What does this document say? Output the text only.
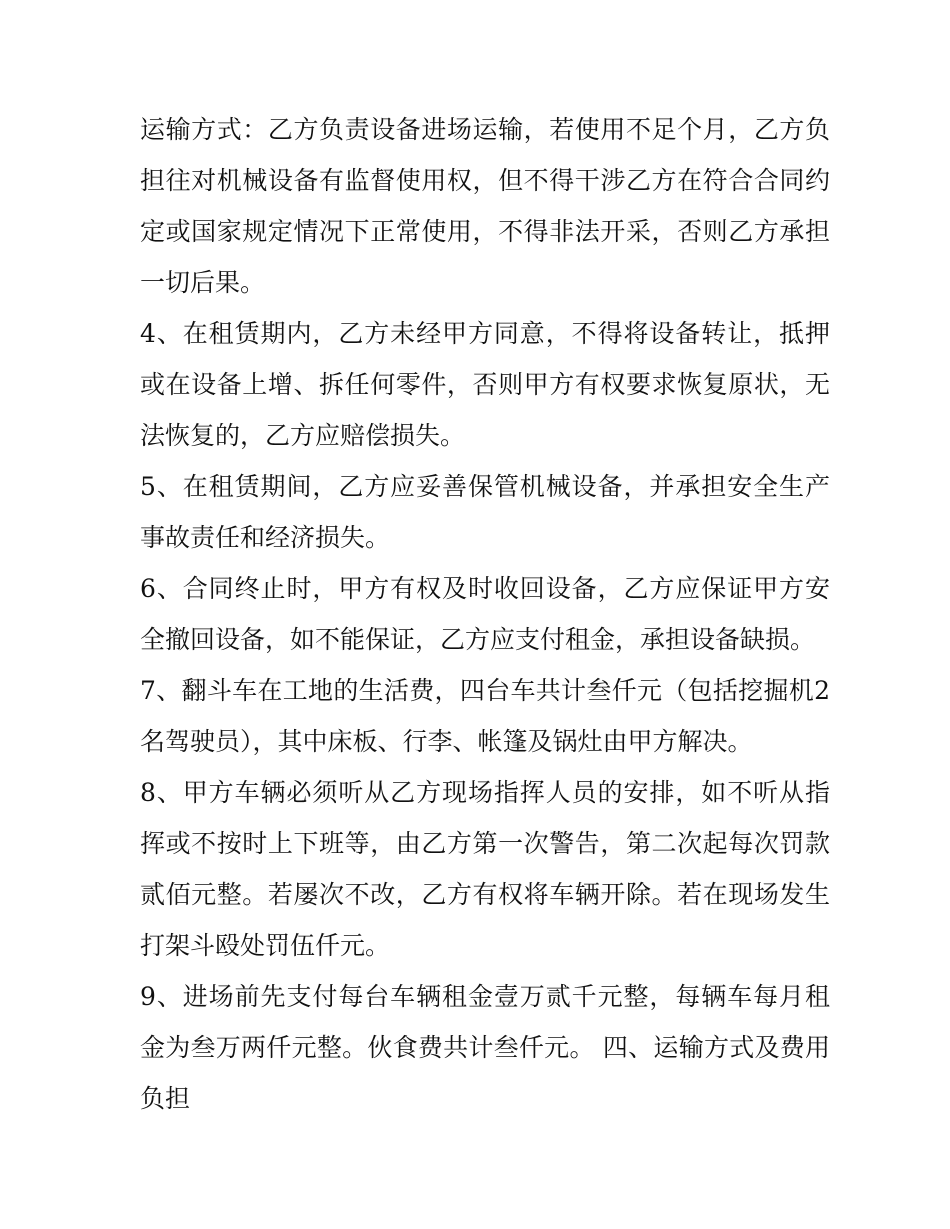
运输方式：乙方负责设备进场运输，若使用不足个月，乙方负担往对机械设备有监督使用权，但不得干涉乙方在符合合同约定或国家规定情况下正常使用，不得非法开采，否则乙方承担一切后果。

4、在租赁期内，乙方未经甲方同意，不得将设备转让，抵押或在设备上增、拆任何零件，否则甲方有权要求恢复原状，无法恢复的，乙方应赔偿损失。

5、在租赁期间，乙方应妥善保管机械设备，并承担安全生产事故责任和经济损失。

6、合同终止时，甲方有权及时收回设备，乙方应保证甲方安全撤回设备，如不能保证，乙方应支付租金，承担设备缺损。

7、翻斗车在工地的生活费，四台车共计叁仟元（包括挖掘机2名驾驶员），其中床板、行李、帐篷及锅灶由甲方解决。

8、甲方车辆必须听从乙方现场指挥人员的安排，如不听从指挥或不按时上下班等，由乙方第一次警告，第二次起每次罚款贰佰元整。若屡次不改，乙方有权将车辆开除。若在现场发生打架斗殴处罚伍仟元。

9、进场前先支付每台车辆租金壹万贰千元整，每辆车每月租金为叁万两仟元整。伙食费共计叁仟元。 四、运输方式及费用负担
